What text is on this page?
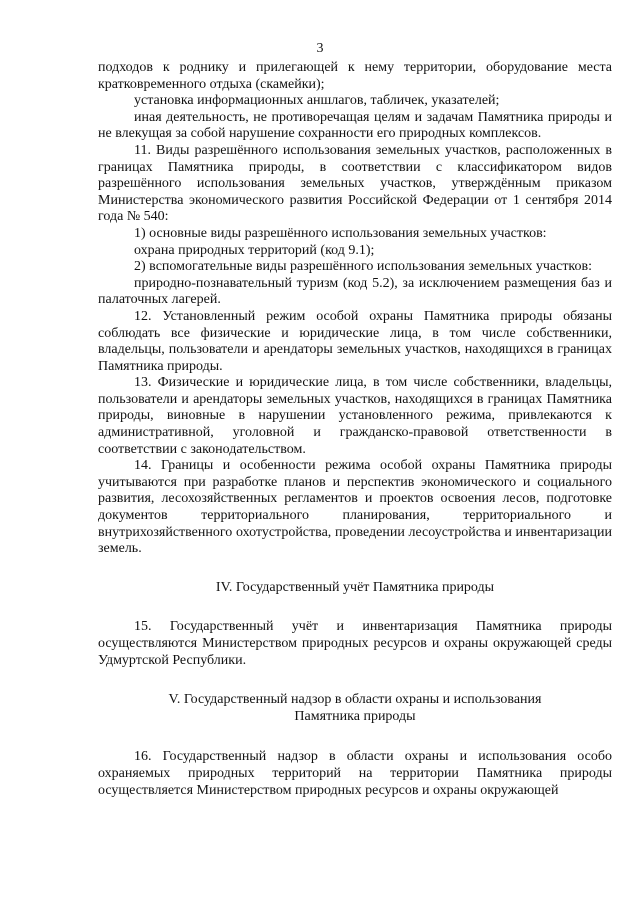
3

подходов к роднику и прилегающей к нему территории, оборудование места кратковременного отдыха (скамейки);

установка информационных аншлагов, табличек, указателей;

иная деятельность, не противоречащая целям и задачам Памятника природы и не влекущая за собой нарушение сохранности его природных комплексов.

11. Виды разрешённого использования земельных участков, расположенных в границах Памятника природы, в соответствии с классификатором видов разрешённого использования земельных участков, утверждённым приказом Министерства экономического развития Российской Федерации от 1 сентября 2014 года № 540:

1) основные виды разрешённого использования земельных участков:

охрана природных территорий (код 9.1);

2) вспомогательные виды разрешённого использования земельных участков:

природно-познавательный туризм (код 5.2), за исключением размещения баз и палаточных лагерей.

12. Установленный режим особой охраны Памятника природы обязаны соблюдать все физические и юридические лица, в том числе собственники, владельцы, пользователи и арендаторы земельных участков, находящихся в границах Памятника природы.

13. Физические и юридические лица, в том числе собственники, владельцы, пользователи и арендаторы земельных участков, находящихся в границах Памятника природы, виновные в нарушении установленного режима, привлекаются к административной, уголовной и гражданско-правовой ответственности в соответствии с законодательством.

14. Границы и особенности режима особой охраны Памятника природы учитываются при разработке планов и перспектив экономического и социального развития, лесохозяйственных регламентов и проектов освоения лесов, подготовке документов территориального планирования, территориального и внутрихозяйственного охотустройства, проведении лесоустройства и инвентаризации земель.

IV. Государственный учёт Памятника природы

15. Государственный учёт и инвентаризация Памятника природы осуществляются Министерством природных ресурсов и охраны окружающей среды Удмуртской Республики.

V. Государственный надзор в области охраны и использования
Памятника природы

16. Государственный надзор в области охраны и использования особо охраняемых природных территорий на территории Памятника природы осуществляется Министерством природных ресурсов и охраны окружающей
